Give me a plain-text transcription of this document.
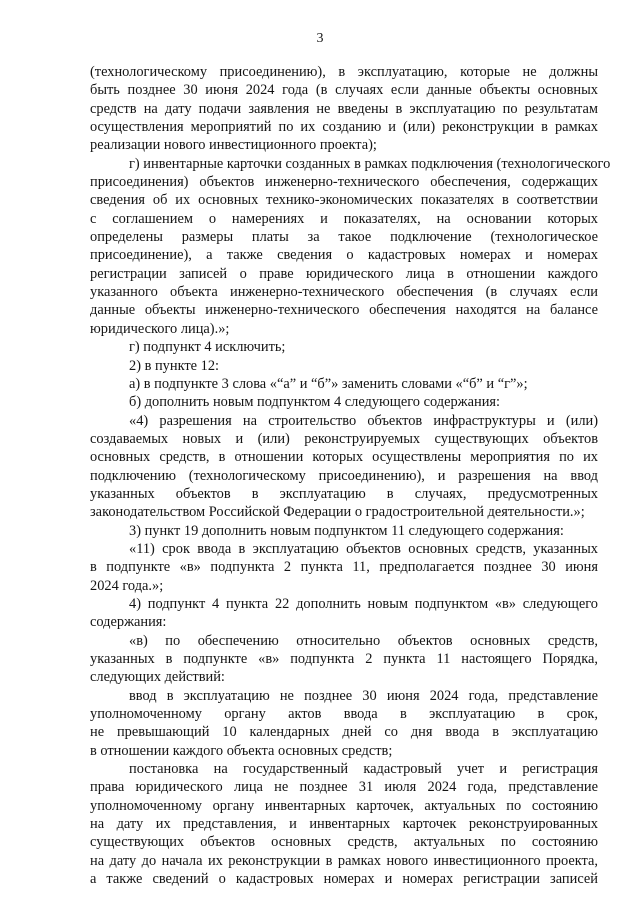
3

(технологическому присоединению), в эксплуатацию, которые не должны

быть позднее 30 июня 2024 года (в случаях если данные объекты основных

средств на дату подачи заявления не введены в эксплуатацию по результатам

осуществления мероприятий по их созданию и (или) реконструкции в рамках

реализации нового инвестиционного проекта);

г) инвентарные карточки созданных в рамках подключения (технологического

присоединения) объектов инженерно-технического обеспечения, содержащих

сведения об их основных технико-экономических показателях в соответствии

с соглашением о намерениях и показателях, на основании которых

определены размеры платы за такое подключение (технологическое

присоединение), а также сведения о кадастровых номерах и номерах

регистрации записей о праве юридического лица в отношении каждого

указанного объекта инженерно-технического обеспечения (в случаях если

данные объекты инженерно-технического обеспечения находятся на балансе

юридического лица).»;

г) подпункт 4 исключить;

2) в пункте 12:

а) в подпункте 3 слова «“а” и “б”» заменить словами «“б” и “г”»;

б) дополнить новым подпунктом 4 следующего содержания:

«4) разрешения на строительство объектов инфраструктуры и (или)

создаваемых новых и (или) реконструируемых существующих объектов

основных средств, в отношении которых осуществлены мероприятия по их

подключению (технологическому присоединению), и разрешения на ввод

указанных объектов в эксплуатацию в случаях, предусмотренных

законодательством Российской Федерации о градостроительной деятельности.»;

3) пункт 19 дополнить новым подпунктом 11 следующего содержания:

«11) срок ввода в эксплуатацию объектов основных средств, указанных

в подпункте «в» подпункта 2 пункта 11, предполагается позднее 30 июня

2024 года.»;

4) подпункт 4 пункта 22 дополнить новым подпунктом «в» следующего

содержания:

«в) по обеспечению относительно объектов основных средств,

указанных в подпункте «в» подпункта 2 пункта 11 настоящего Порядка,

следующих действий:

ввод в эксплуатацию не позднее 30 июня 2024 года, представление

уполномоченному органу актов ввода в эксплуатацию в срок,

не превышающий 10 календарных дней со дня ввода в эксплуатацию

в отношении каждого объекта основных средств;

постановка на государственный кадастровый учет и регистрация

права юридического лица не позднее 31 июля 2024 года, представление

уполномоченному органу инвентарных карточек, актуальных по состоянию

на дату их представления, и инвентарных карточек реконструированных

существующих объектов основных средств, актуальных по состоянию

на дату до начала их реконструкции в рамках нового инвестиционного проекта,

а также сведений о кадастровых номерах и номерах регистрации записей
